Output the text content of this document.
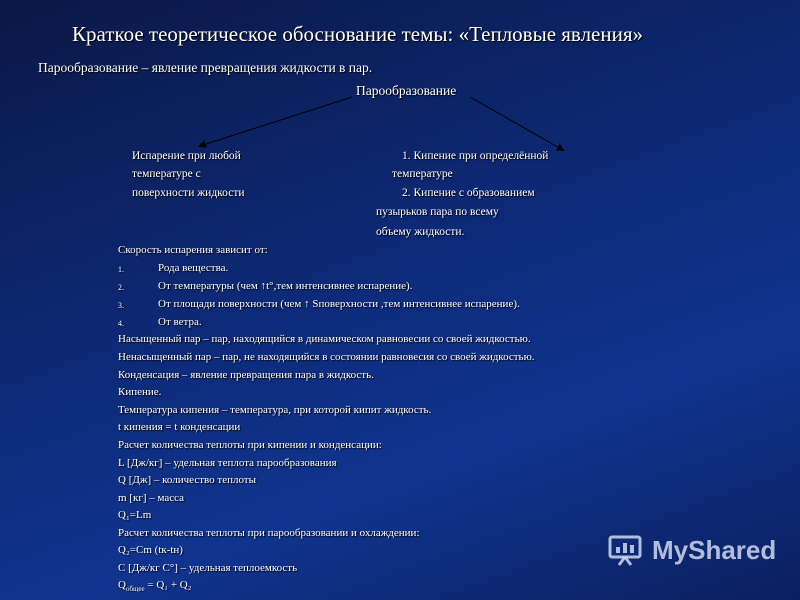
Краткое теоретическое обоснование темы: «Тепловые явления»
Парообразование – явление превращения жидкости в пар.
Парообразование
Испарение при любой
температуре с
поверхности жидкости
1. Кипение при определённой
температуре
2. Кипение с образованием
пузырьков пара по всему
объему жидкости.
Скорость испарения зависит от:
1.	Рода вещества.
2.	От температуры (чем ↑t°,тем интенсивнее испарение).
3.	От площади поверхности (чем ↑ Sповерхности ,тем интенсивнее испарение).
4.	От ветра.
Насыщенный пар – пар, находящийся в динамическом равновесии со своей жидкостью.
Ненасыщенный пар – пар, не находящийся в состоянии равновесия со своей жидкостью.
Конденсация – явление превращения пара в жидкость.
Кипение.
Температура кипения – температура, при которой кипит жидкость.
t кипения = t конденсации
Расчет количества теплоты при кипении и конденсации:
L [Дж/кг] – удельная теплота парообразования
Q [Дж] – количество теплоты
m [кг] – масса
Q₁=Lm
Расчет количества теплоты при парообразовании и охлаждении:
Q₂=Cm (tк-tн)
C [Дж/кг С°] – удельная теплоемкость
$Q_{общее} = Q_1 + Q_2$
MyShared
